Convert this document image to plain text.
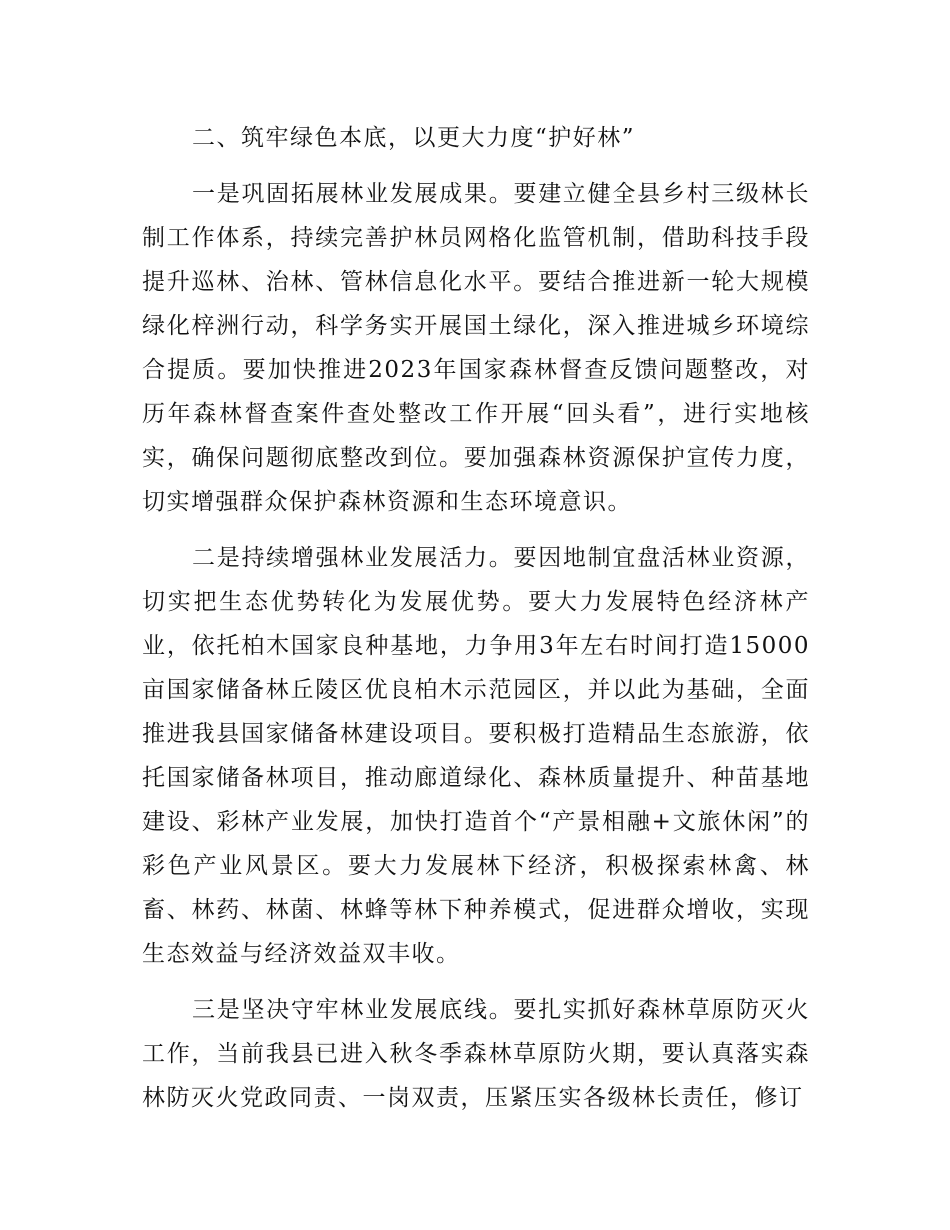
二、筑牢绿色本底，以更大力度“护好林”

一是巩固拓展林业发展成果。要建立健全县乡村三级林长制工作体系，持续完善护林员网格化监管机制，借助科技手段提升巡林、治林、管林信息化水平。要结合推进新一轮大规模绿化梓洲行动，科学务实开展国土绿化，深入推进城乡环境综合提质。要加快推进2023年国家森林督查反馈问题整改，对历年森林督查案件查处整改工作开展“回头看”，进行实地核实，确保问题彻底整改到位。要加强森林资源保护宣传力度，切实增强群众保护森林资源和生态环境意识。

二是持续增强林业发展活力。要因地制宜盘活林业资源，切实把生态优势转化为发展优势。要大力发展特色经济林产业，依托柏木国家良种基地，力争用3年左右时间打造15000亩国家储备林丘陵区优良柏木示范园区，并以此为基础，全面推进我县国家储备林建设项目。要积极打造精品生态旅游，依托国家储备林项目，推动廊道绿化、森林质量提升、种苗基地建设、彩林产业发展，加快打造首个“产景相融+文旅休闲”的彩色产业风景区。要大力发展林下经济，积极探索林禽、林畜、林药、林菌、林蜂等林下种养模式，促进群众增收，实现生态效益与经济效益双丰收。

三是坚决守牢林业发展底线。要扎实抓好森林草原防灭火工作，当前我县已进入秋冬季森林草原防火期，要认真落实森林防灭火党政同责、一岗双责，压紧压实各级林长责任，修订
